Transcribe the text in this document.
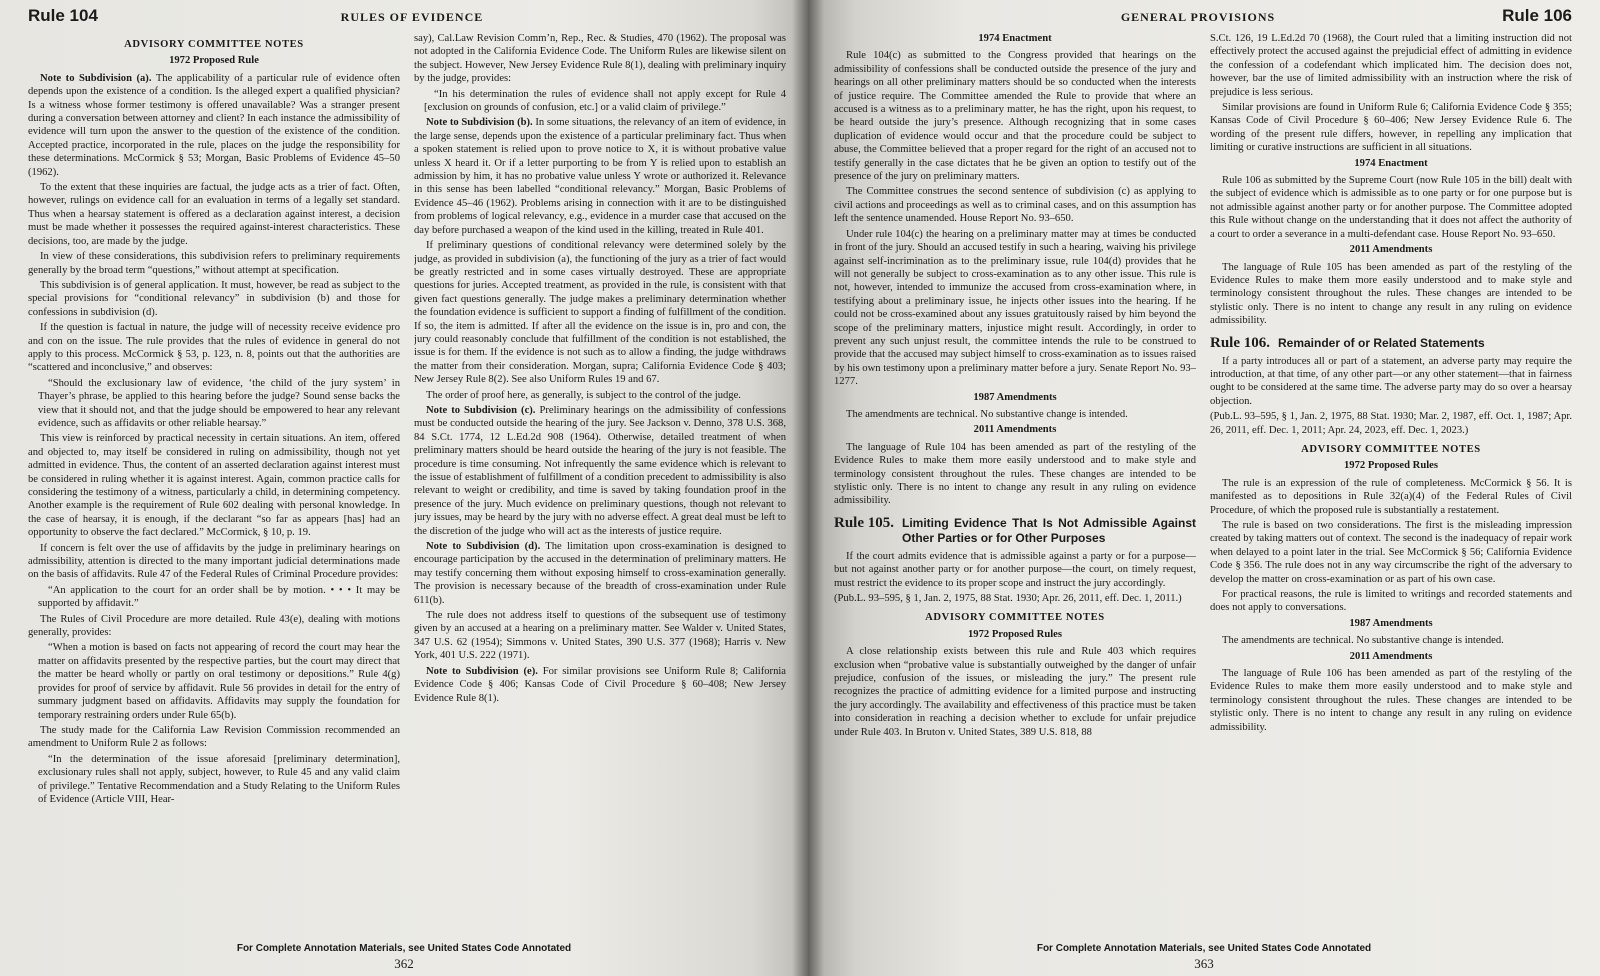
Rule 104	RULES OF EVIDENCE
ADVISORY COMMITTEE NOTES
1972 Proposed Rule

Note to Subdivision (a). The applicability of a particular rule of evidence often depends upon the existence of a condition. Is the alleged expert a qualified physician? Is a witness whose former testimony is offered unavailable? Was a stranger present during a conversation between attorney and client? In each instance the admissibility of evidence will turn upon the answer to the question of the existence of the condition. Accepted practice, incorporated in the rule, places on the judge the responsibility for these determinations. McCormick § 53; Morgan, Basic Problems of Evidence 45–50 (1962).

To the extent that these inquiries are factual, the judge acts as a trier of fact. Often, however, rulings on evidence call for an evaluation in terms of a legally set standard. Thus when a hearsay statement is offered as a declaration against interest, a decision must be made whether it possesses the required against-interest characteristics. These decisions, too, are made by the judge.

In view of these considerations, this subdivision refers to preliminary requirements generally by the broad term “questions,” without attempt at specification.

This subdivision is of general application. It must, however, be read as subject to the special provisions for “conditional relevancy” in subdivision (b) and those for confessions in subdivision (d).

If the question is factual in nature, the judge will of necessity receive evidence pro and con on the issue. The rule provides that the rules of evidence in general do not apply to this process. McCormick § 53, p. 123, n. 8, points out that the authorities are “scattered and inconclusive,” and observes:

“Should the exclusionary law of evidence, ‘the child of the jury system’ in Thayer’s phrase, be applied to this hearing before the judge? Sound sense backs the view that it should not, and that the judge should be empowered to hear any relevant evidence, such as affidavits or other reliable hearsay.”

This view is reinforced by practical necessity in certain situations. An item, offered and objected to, may itself be considered in ruling on admissibility, though not yet admitted in evidence. Thus, the content of an asserted declaration against interest must be considered in ruling whether it is against interest. Again, common practice calls for considering the testimony of a witness, particularly a child, in determining competency. Another example is the requirement of Rule 602 dealing with personal knowledge. In the case of hearsay, it is enough, if the declarant “so far as appears [has] had an opportunity to observe the fact declared.” McCormick, § 10, p. 19.

If concern is felt over the use of affidavits by the judge in preliminary hearings on admissibility, attention is directed to the many important judicial determinations made on the basis of affidavits. Rule 47 of the Federal Rules of Criminal Procedure provides:

“An application to the court for an order shall be by motion. • • • It may be supported by affidavit.”

The Rules of Civil Procedure are more detailed. Rule 43(e), dealing with motions generally, provides:

“When a motion is based on facts not appearing of record the court may hear the matter on affidavits presented by the respective parties, but the court may direct that the matter be heard wholly or partly on oral testimony or depositions.” Rule 4(g) provides for proof of service by affidavit. Rule 56 provides in detail for the entry of summary judgment based on affidavits. Affidavits may supply the foundation for temporary restraining orders under Rule 65(b).

The study made for the California Law Revision Commission recommended an amendment to Uniform Rule 2 as follows:

“In the determination of the issue aforesaid [preliminary determination], exclusionary rules shall not apply, subject, however, to Rule 45 and any valid claim of privilege.” Tentative Recommendation and a Study Relating to the Uniform Rules of Evidence (Article VIII, Hear-

say), Cal.Law Revision Comm’n, Rep., Rec. & Studies, 470 (1962). The proposal was not adopted in the California Evidence Code. The Uniform Rules are likewise silent on the subject. However, New Jersey Evidence Rule 8(1), dealing with preliminary inquiry by the judge, provides:

“In his determination the rules of evidence shall not apply except for Rule 4 [exclusion on grounds of confusion, etc.] or a valid claim of privilege.”

Note to Subdivision (b). In some situations, the relevancy of an item of evidence, in the large sense, depends upon the existence of a particular preliminary fact. Thus when a spoken statement is relied upon to prove notice to X, it is without probative value unless X heard it. Or if a letter purporting to be from Y is relied upon to establish an admission by him, it has no probative value unless Y wrote or authorized it. Relevance in this sense has been labelled “conditional relevancy.” Morgan, Basic Problems of Evidence 45–46 (1962). Problems arising in connection with it are to be distinguished from problems of logical relevancy, e.g., evidence in a murder case that accused on the day before purchased a weapon of the kind used in the killing, treated in Rule 401.

If preliminary questions of conditional relevancy were determined solely by the judge, as provided in subdivision (a), the functioning of the jury as a trier of fact would be greatly restricted and in some cases virtually destroyed. These are appropriate questions for juries. Accepted treatment, as provided in the rule, is consistent with that given fact questions generally. The judge makes a preliminary determination whether the foundation evidence is sufficient to support a finding of fulfillment of the condition. If so, the item is admitted. If after all the evidence on the issue is in, pro and con, the jury could reasonably conclude that fulfillment of the condition is not established, the issue is for them. If the evidence is not such as to allow a finding, the judge withdraws the matter from their consideration. Morgan, supra; California Evidence Code § 403; New Jersey Rule 8(2). See also Uniform Rules 19 and 67.

The order of proof here, as generally, is subject to the control of the judge.

Note to Subdivision (c). Preliminary hearings on the admissibility of confessions must be conducted outside the hearing of the jury. See Jackson v. Denno, 378 U.S. 368, 84 S.Ct. 1774, 12 L.Ed.2d 908 (1964). Otherwise, detailed treatment of when preliminary matters should be heard outside the hearing of the jury is not feasible. The procedure is time consuming. Not infrequently the same evidence which is relevant to the issue of establishment of fulfillment of a condition precedent to admissibility is also relevant to weight or credibility, and time is saved by taking foundation proof in the presence of the jury. Much evidence on preliminary questions, though not relevant to jury issues, may be heard by the jury with no adverse effect. A great deal must be left to the discretion of the judge who will act as the interests of justice require.

Note to Subdivision (d). The limitation upon cross-examination is designed to encourage participation by the accused in the determination of preliminary matters. He may testify concerning them without exposing himself to cross-examination generally. The provision is necessary because of the breadth of cross-examination under Rule 611(b).

The rule does not address itself to questions of the subsequent use of testimony given by an accused at a hearing on a preliminary matter. See Walder v. United States, 347 U.S. 62 (1954); Simmons v. United States, 390 U.S. 377 (1968); Harris v. New York, 401 U.S. 222 (1971).

Note to Subdivision (e). For similar provisions see Uniform Rule 8; California Evidence Code § 406; Kansas Code of Civil Procedure § 60–408; New Jersey Evidence Rule 8(1).

For Complete Annotation Materials, see United States Code Annotated
362
GENERAL PROVISIONS	Rule 106
1974 Enactment

Rule 104(c) as submitted to the Congress provided that hearings on the admissibility of confessions shall be conducted outside the presence of the jury and hearings on all other preliminary matters should be so conducted when the interests of justice require. The Committee amended the Rule to provide that where an accused is a witness as to a preliminary matter, he has the right, upon his request, to be heard outside the jury’s presence. Although recognizing that in some cases duplication of evidence would occur and that the procedure could be subject to abuse, the Committee believed that a proper regard for the right of an accused not to testify generally in the case dictates that he be given an option to testify out of the presence of the jury on preliminary matters.

The Committee construes the second sentence of subdivision (c) as applying to civil actions and proceedings as well as to criminal cases, and on this assumption has left the sentence unamended. House Report No. 93–650.

Under rule 104(c) the hearing on a preliminary matter may at times be conducted in front of the jury. Should an accused testify in such a hearing, waiving his privilege against self-incrimination as to the preliminary issue, rule 104(d) provides that he will not generally be subject to cross-examination as to any other issue. This rule is not, however, intended to immunize the accused from cross-examination where, in testifying about a preliminary issue, he injects other issues into the hearing. If he could not be cross-examined about any issues gratuitously raised by him beyond the scope of the preliminary matters, injustice might result. Accordingly, in order to prevent any such unjust result, the committee intends the rule to be construed to provide that the accused may subject himself to cross-examination as to issues raised by his own testimony upon a preliminary matter before a jury. Senate Report No. 93–1277.

1987 Amendments

The amendments are technical. No substantive change is intended.

2011 Amendments

The language of Rule 104 has been amended as part of the restyling of the Evidence Rules to make them more easily understood and to make style and terminology consistent throughout the rules. These changes are intended to be stylistic only. There is no intent to change any result in any ruling on evidence admissibility.

Rule 105. Limiting Evidence That Is Not Admissible Against Other Parties or for Other Purposes

If the court admits evidence that is admissible against a party or for a purpose—but not against another party or for another purpose—the court, on timely request, must restrict the evidence to its proper scope and instruct the jury accordingly.

(Pub.L. 93–595, § 1, Jan. 2, 1975, 88 Stat. 1930; Apr. 26, 2011, eff. Dec. 1, 2011.)

ADVISORY COMMITTEE NOTES
1972 Proposed Rules

A close relationship exists between this rule and Rule 403 which requires exclusion when “probative value is substantially outweighed by the danger of unfair prejudice, confusion of the issues, or misleading the jury.” The present rule recognizes the practice of admitting evidence for a limited purpose and instructing the jury accordingly. The availability and effectiveness of this practice must be taken into consideration in reaching a decision whether to exclude for unfair prejudice under Rule 403. In Bruton v. United States, 389 U.S. 818, 88

S.Ct. 126, 19 L.Ed.2d 70 (1968), the Court ruled that a limiting instruction did not effectively protect the accused against the prejudicial effect of admitting in evidence the confession of a codefendant which implicated him. The decision does not, however, bar the use of limited admissibility with an instruction where the risk of prejudice is less serious.

Similar provisions are found in Uniform Rule 6; California Evidence Code § 355; Kansas Code of Civil Procedure § 60–406; New Jersey Evidence Rule 6. The wording of the present rule differs, however, in repelling any implication that limiting or curative instructions are sufficient in all situations.

1974 Enactment

Rule 106 as submitted by the Supreme Court (now Rule 105 in the bill) dealt with the subject of evidence which is admissible as to one party or for one purpose but is not admissible against another party or for another purpose. The Committee adopted this Rule without change on the understanding that it does not affect the authority of a court to order a severance in a multi-defendant case. House Report No. 93–650.

2011 Amendments

The language of Rule 105 has been amended as part of the restyling of the Evidence Rules to make them more easily understood and to make style and terminology consistent throughout the rules. These changes are intended to be stylistic only. There is no intent to change any result in any ruling on evidence admissibility.

Rule 106. Remainder of or Related Statements

If a party introduces all or part of a statement, an adverse party may require the introduction, at that time, of any other part—or any other statement—that in fairness ought to be considered at the same time. The adverse party may do so over a hearsay objection.

(Pub.L. 93–595, § 1, Jan. 2, 1975, 88 Stat. 1930; Mar. 2, 1987, eff. Oct. 1, 1987; Apr. 26, 2011, eff. Dec. 1, 2011; Apr. 24, 2023, eff. Dec. 1, 2023.)

ADVISORY COMMITTEE NOTES
1972 Proposed Rules

The rule is an expression of the rule of completeness. McCormick § 56. It is manifested as to depositions in Rule 32(a)(4) of the Federal Rules of Civil Procedure, of which the proposed rule is substantially a restatement.

The rule is based on two considerations. The first is the misleading impression created by taking matters out of context. The second is the inadequacy of repair work when delayed to a point later in the trial. See McCormick § 56; California Evidence Code § 356. The rule does not in any way circumscribe the right of the adversary to develop the matter on cross-examination or as part of his own case.

For practical reasons, the rule is limited to writings and recorded statements and does not apply to conversations.

1987 Amendments

The amendments are technical. No substantive change is intended.

2011 Amendments

The language of Rule 106 has been amended as part of the restyling of the Evidence Rules to make them more easily understood and to make style and terminology consistent throughout the rules. These changes are intended to be stylistic only. There is no intent to change any result in any ruling on evidence admissibility.

For Complete Annotation Materials, see United States Code Annotated
363
